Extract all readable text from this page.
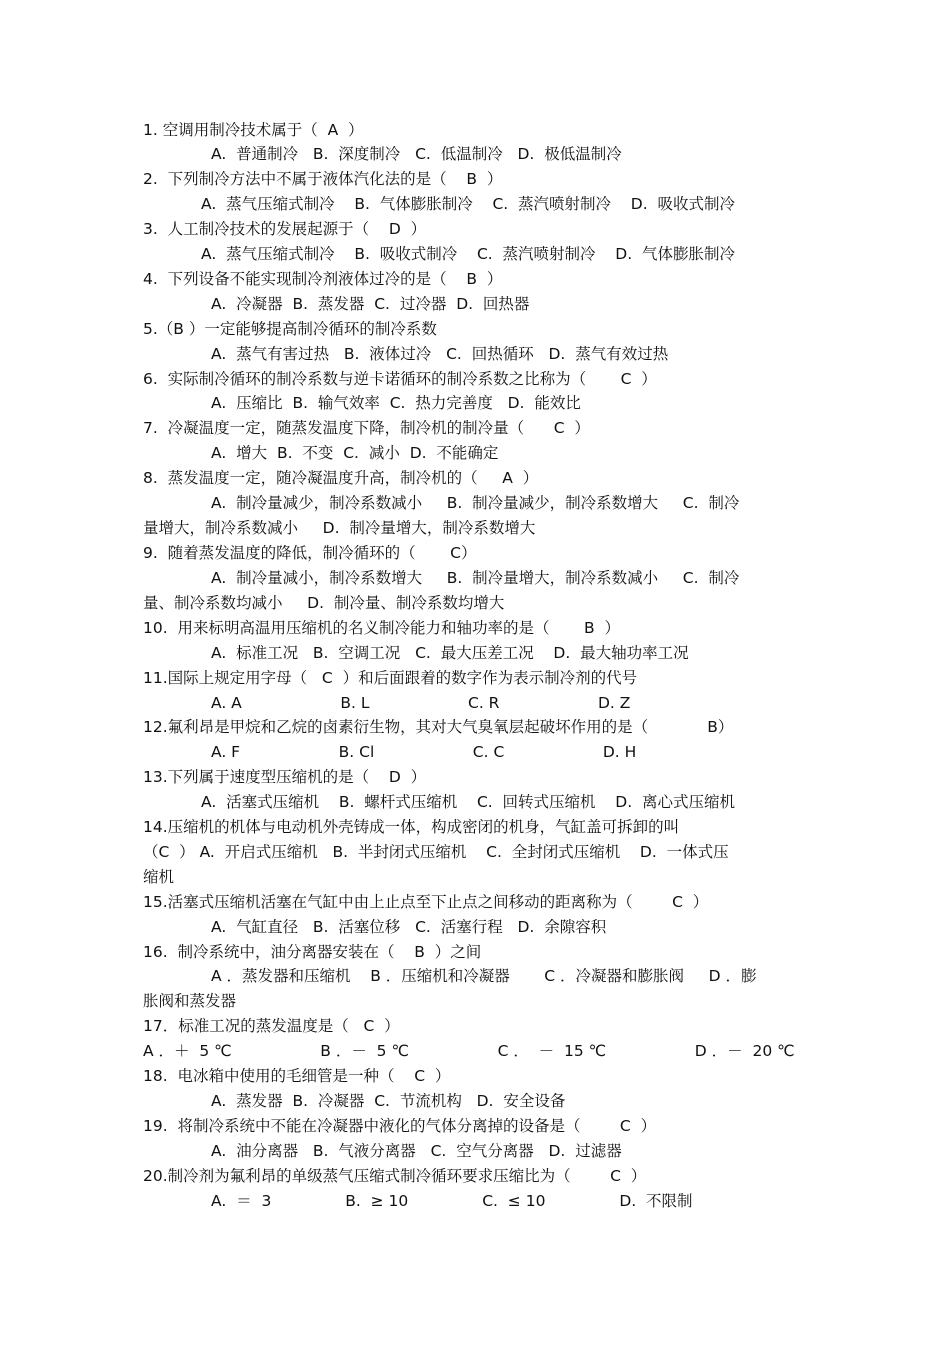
1. 空调用制冷技术属于（  A  ）
A.  普通制冷   B.  深度制冷   C.  低温制冷   D.  极低温制冷
2.  下列制冷方法中不属于液体汽化法的是（    B  ）
A.  蒸气压缩式制冷    B.  气体膨胀制冷    C.  蒸汽喷射制冷    D.  吸收式制冷
3.  人工制冷技术的发展起源于（    D  ）
A.  蒸气压缩式制冷    B.  吸收式制冷    C.  蒸汽喷射制冷    D.  气体膨胀制冷
4.  下列设备不能实现制冷剂液体过冷的是（    B  ）
A.  冷凝器  B.  蒸发器  C.  过冷器  D.  回热器
5.（B ）一定能够提高制冷循环的制冷系数
A.  蒸气有害过热   B.  液体过冷   C.  回热循环   D.  蒸气有效过热
6.  实际制冷循环的制冷系数与逆卡诺循环的制冷系数之比称为（       C  ）
A.  压缩比  B.  输气效率  C.  热力完善度   D.  能效比
7.  冷凝温度一定，随蒸发温度下降，制冷机的制冷量（      C  ）
A.  增大  B.  不变  C.  减小  D.  不能确定
8.  蒸发温度一定，随冷凝温度升高，制冷机的（     A  ）
A.  制冷量减少，制冷系数减小     B.  制冷量减少，制冷系数增大     C.  制冷
量增大，制冷系数减小     D.  制冷量增大，制冷系数增大
9.  随着蒸发温度的降低，制冷循环的（       C）
A.  制冷量减小，制冷系数增大     B.  制冷量增大，制冷系数减小     C.  制冷
量、制冷系数均减小     D.  制冷量、制冷系数均增大
10.  用来标明高温用压缩机的名义制冷能力和轴功率的是（       B  ）
A.  标准工况   B.  空调工况   C.  最大压差工况    D.  最大轴功率工况
11.国际上规定用字母（   C  ）和后面跟着的数字作为表示制冷剂的代号
A. A                    B. L                    C. R                    D. Z
12.氟利昂是甲烷和乙烷的卤素衍生物，其对大气臭氧层起破坏作用的是（            B）
A. F                    B. Cl                    C. C                    D. H
13.下列属于速度型压缩机的是（    D  ）
A.  活塞式压缩机    B.  螺杆式压缩机    C.  回转式压缩机    D.  离心式压缩机
14.压缩机的机体与电动机外壳铸成一体，构成密闭的机身，气缸盖可拆卸的叫
（C  ） A.  开启式压缩机   B.  半封闭式压缩机    C.  全封闭式压缩机    D.  一体式压
缩机
15.活塞式压缩机活塞在气缸中由上止点至下止点之间移动的距离称为（        C  ）
A.  气缸直径   B.  活塞位移   C.  活塞行程   D.  余隙容积
16.  制冷系统中，油分离器安装在（    B  ）之间
A ．蒸发器和压缩机    B ．压缩机和冷凝器       C ．冷凝器和膨胀阀     D ．膨
胀阀和蒸发器
17．标准工况的蒸发温度是（   C  ）
A ．＋  5 ℃                  B ．－  5 ℃                  C ．  －  15 ℃                  D ．－  20 ℃
18.  电冰箱中使用的毛细管是一种（    C  ）
A.  蒸发器  B.  冷凝器  C.  节流机构   D.  安全设备
19.  将制冷系统中不能在冷凝器中液化的气体分离掉的设备是（        C  ）
A.  油分离器   B.  气液分离器   C.  空气分离器   D.  过滤器
20.制冷剂为氟利昂的单级蒸气压缩式制冷循环要求压缩比为（        C  ）
A.  ＝  3               B.  ≥ 10               C.  ≤ 10               D.  不限制
